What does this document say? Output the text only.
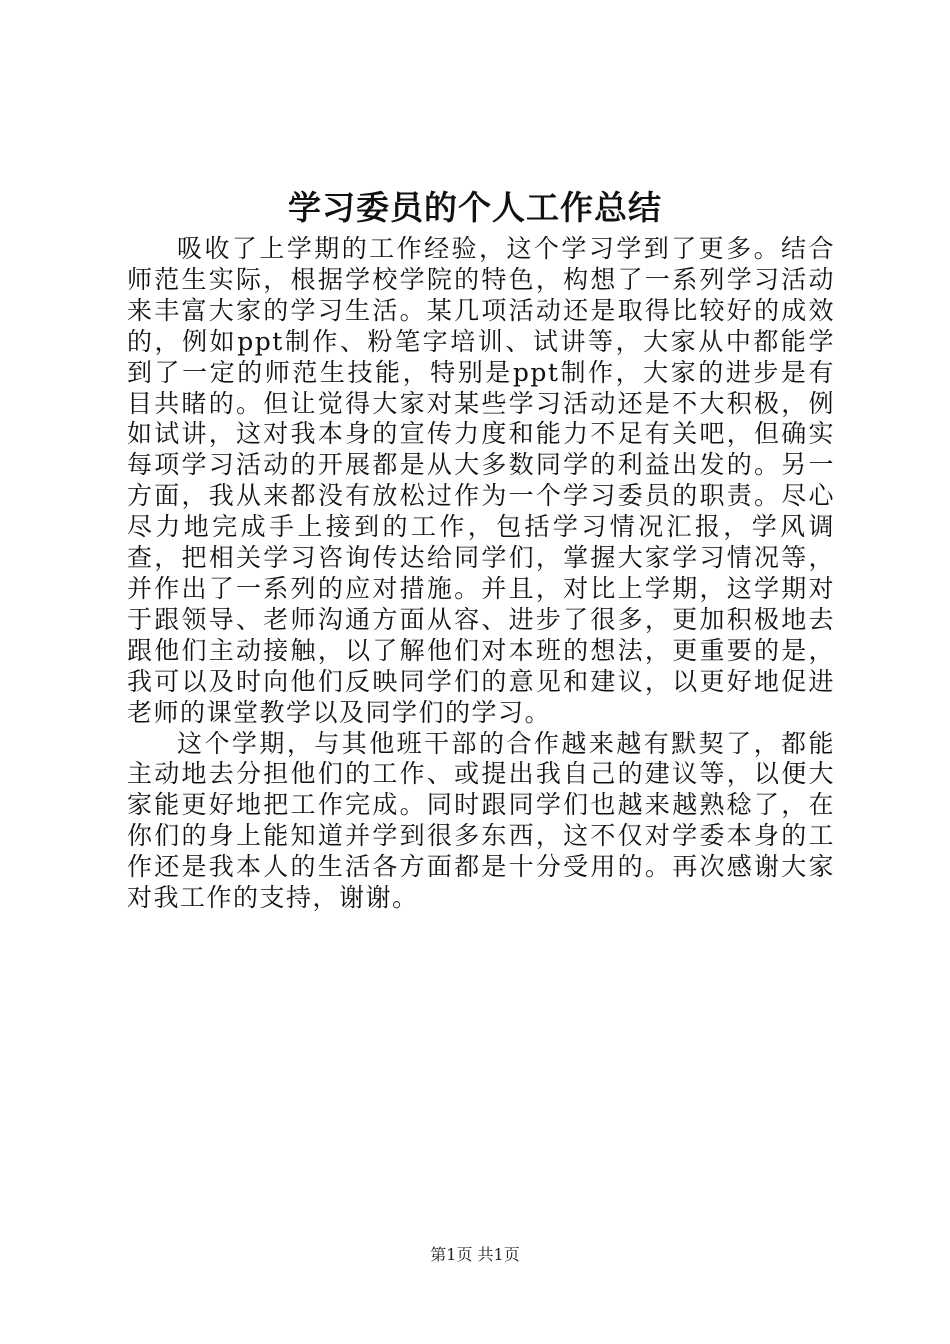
学习委员的个人工作总结

吸收了上学期的工作经验，这个学习学到了更多。结合师范生实际，根据学校学院的特色，构想了一系列学习活动来丰富大家的学习生活。某几项活动还是取得比较好的成效的，例如ppt制作、粉笔字培训、试讲等，大家从中都能学到了一定的师范生技能，特别是ppt制作，大家的进步是有目共睹的。但让觉得大家对某些学习活动还是不大积极，例如试讲，这对我本身的宣传力度和能力不足有关吧，但确实每项学习活动的开展都是从大多数同学的利益出发的。另一方面，我从来都没有放松过作为一个学习委员的职责。尽心尽力地完成手上接到的工作，包括学习情况汇报，学风调查，把相关学习咨询传达给同学们，掌握大家学习情况等，并作出了一系列的应对措施。并且，对比上学期，这学期对于跟领导、老师沟通方面从容、进步了很多，更加积极地去跟他们主动接触，以了解他们对本班的想法，更重要的是，我可以及时向他们反映同学们的意见和建议，以更好地促进老师的课堂教学以及同学们的学习。

这个学期，与其他班干部的合作越来越有默契了，都能主动地去分担他们的工作、或提出我自己的建议等，以便大家能更好地把工作完成。同时跟同学们也越来越熟稔了，在你们的身上能知道并学到很多东西，这不仅对学委本身的工作还是我本人的生活各方面都是十分受用的。再次感谢大家对我工作的支持，谢谢。

第1页 共1页
